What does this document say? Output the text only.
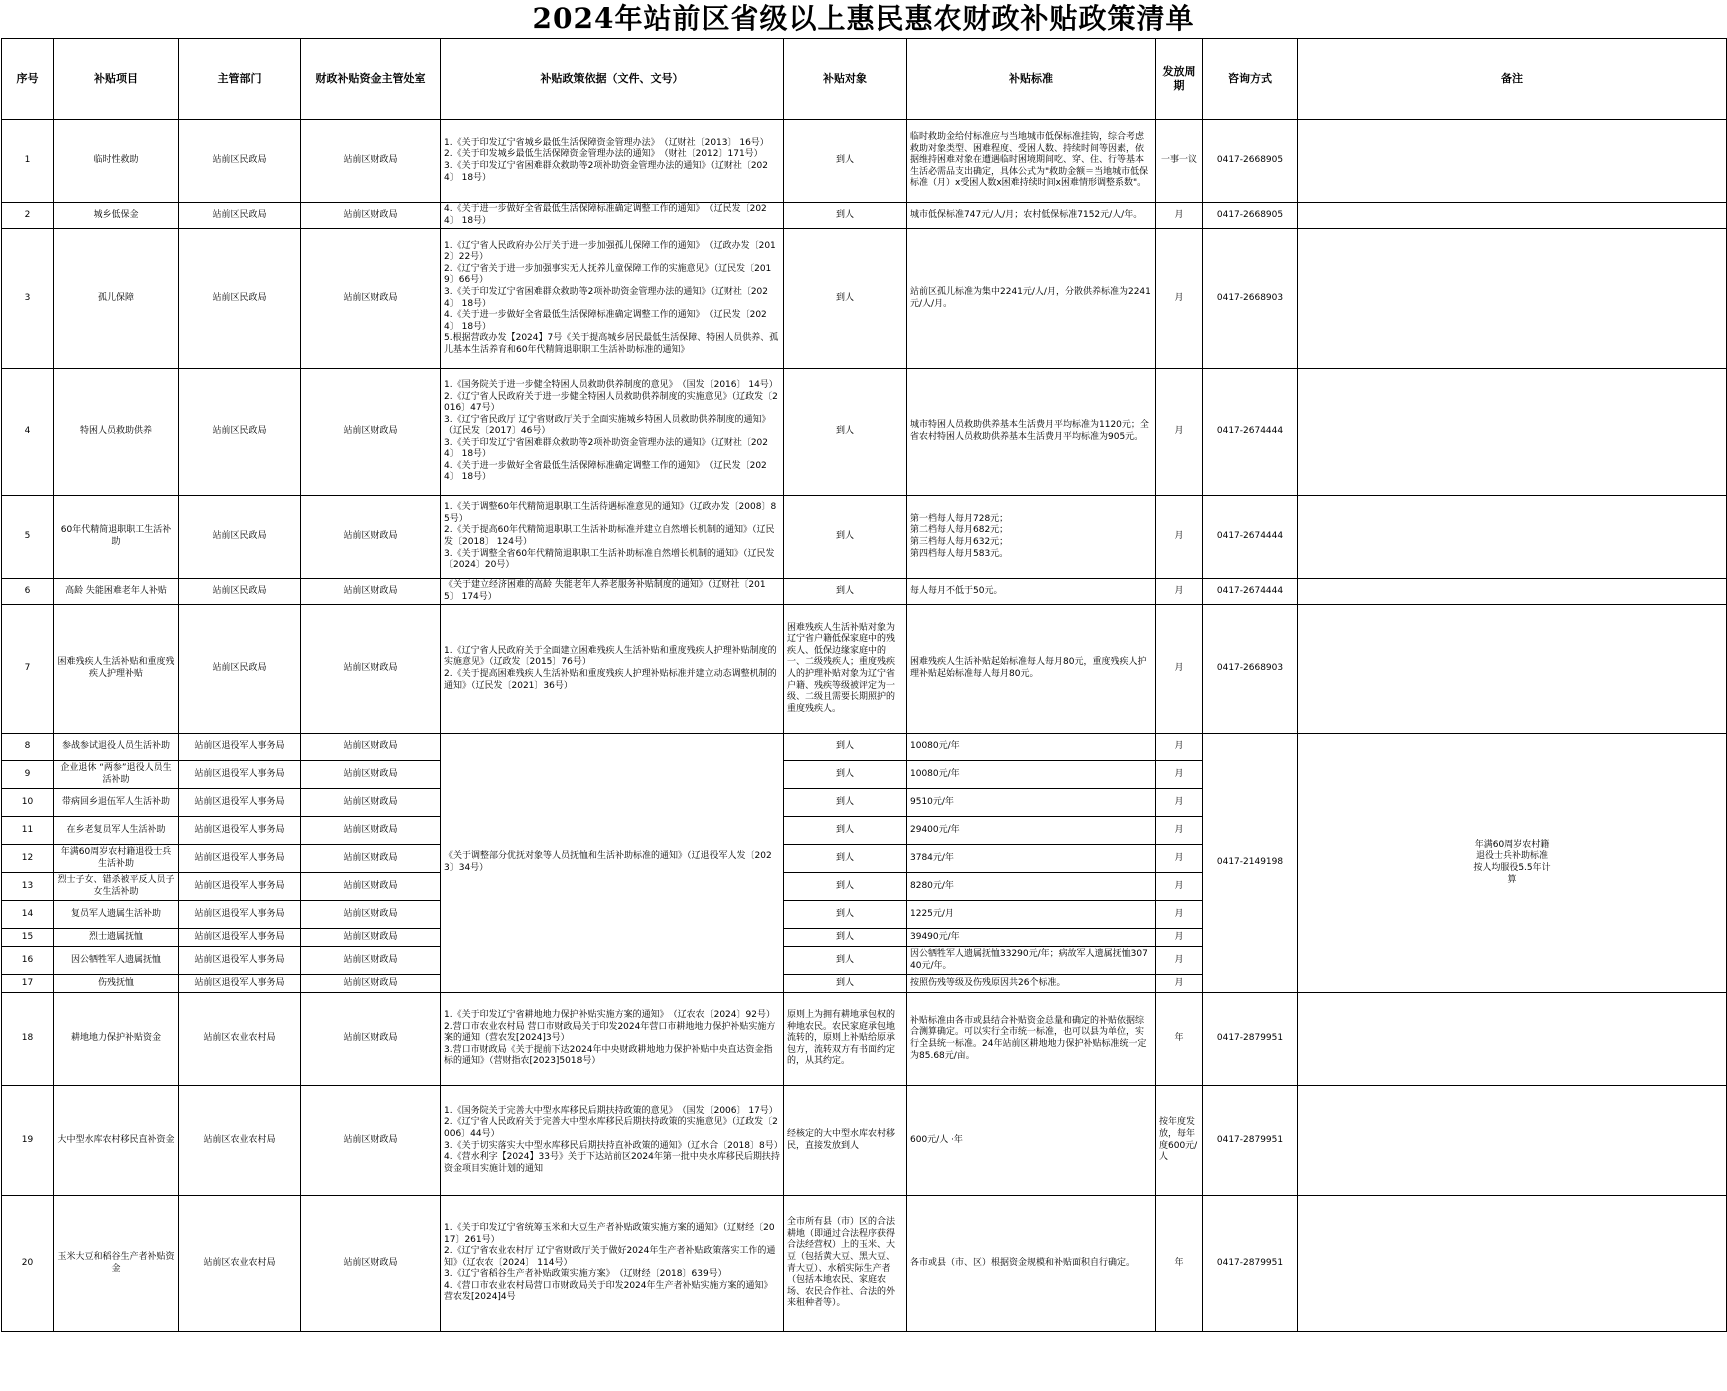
2024年站前区省级以上惠民惠农财政补贴政策清单
序号	补贴项目	主管部门	财政补贴资金主管处室	补贴政策依据（文件、文号）	补贴对象	补贴标准	发放周期	咨询方式	备注
1	临时性救助	站前区民政局	站前区财政局	1.《关于印发辽宁省城乡最低生活保障资金管理办法》　（辽财社〔2013〕 16号）
2.《关于印发城乡最低生活保障资金管理办法的通知》　（财社〔2012〕171号）
3.《关于印发辽宁省困难群众救助等2项补助资金管理办法的通知》（辽财社〔2024〕 18号）	到人	临时救助金给付标准应与当地城市低保标准挂钩，综合考虑救助对象类型、困难程度、受困人数、持续时间等因素，依据维持困难对象在遭遇临时困境期间吃、穿、住、行等基本生活必需品支出确定，具体公式为"救助金额＝当地城市低保标准（月）x受困人数x困难持续时间x困难情形调整系数"。	一事一议	0417-2668905	
2	城乡低保金	站前区民政局	站前区财政局	4.《关于进一步做好全省最低生活保障标准确定调整工作的通知》　（辽民发〔2024〕 18号）	到人	城市低保标准747元/人/月；农村低保标准7152元/人/年。	月	0417-2668905	
3	孤儿保障	站前区民政局	站前区财政局	1.《辽宁省人民政府办公厅关于进一步加强孤儿保障工作的通知》　（辽政办发〔2012〕22号）
2.《辽宁省关于进一步加强事实无人抚养儿童保障工作的实施意见》（辽民发〔2019〕66号）
3.《关于印发辽宁省困难群众救助等2项补助资金管理办法的通知》（辽财社〔2024〕 18号）
4.《关于进一步做好全省最低生活保障标准确定调整工作的通知》　（辽民发〔2024〕 18号）
5.根据营政办发【2024】7号《关于提高城乡居民最低生活保障、特困人员供养、孤儿基本生活养育和60年代精简退职职工生活补助标准的通知》	到人	站前区孤儿标准为集中2241元/人/月，分散供养标准为2241元/人/月。	月	0417-2668903	
4	特困人员救助供养	站前区民政局	站前区财政局	1.《国务院关于进一步健全特困人员救助供养制度的意见》　（国发〔2016〕 14号）
2.《辽宁省人民政府关于进一步健全特困人员救助供养制度的实施意见》（辽政发〔2016〕47号）
3.《辽宁省民政厅 辽宁省财政厅关于全面实施城乡特困人员救助供养制度的通知》（辽民发〔2017〕46号）
3.《关于印发辽宁省困难群众救助等2项补助资金管理办法的通知》（辽财社〔2024〕 18号）
4.《关于进一步做好全省最低生活保障标准确定调整工作的通知》　（辽民发〔2024〕 18号）	到人	城市特困人员救助供养基本生活费月平均标准为1120元；全省农村特困人员救助供养基本生活费月平均标准为905元。	月	0417-2674444	
5	60年代精简退职职工生活补助	站前区民政局	站前区财政局	1.《关于调整60年代精简退职职工生活待遇标准意见的通知》（辽政办发〔2008〕85号）
2.《关于提高60年代精简退职职工生活补助标准并建立自然增长机制的通知》（辽民发〔2018〕 124号）
3.《关于调整全省60年代精简退职职工生活补助标准自然增长机制的通知》（辽民发〔2024〕20号）	到人	第一档每人每月728元；
第二档每人每月682元；
第三档每人每月632元；
第四档每人每月583元。	月	0417-2674444	
6	高龄 失能困难老年人补贴	站前区民政局	站前区财政局	《关于建立经济困难的高龄 失能老年人养老服务补贴制度的通知》（辽财社〔2015〕 174号）	到人	每人每月不低于50元。	月	0417-2674444	
7	困难残疾人生活补贴和重度残疾人护理补贴	站前区民政局	站前区财政局	1.《辽宁省人民政府关于全面建立困难残疾人生活补贴和重度残疾人护理补贴制度的实施意见》（辽政发〔2015〕76号）
2.《关于提高困难残疾人生活补贴和重度残疾人护理补贴标准并建立动态调整机制的通知》（辽民发〔2021〕36号）	困难残疾人生活补贴对象为辽宁省户籍低保家庭中的残疾人、低保边缘家庭中的一、二级残疾人；重度残疾人的护理补贴对象为辽宁省户籍、残疾等级被评定为一级、二级且需要长期照护的重度残疾人。	困难残疾人生活补贴起始标准每人每月80元，重度残疾人护理补贴起始标准每人每月80元。	月	0417-2668903	
8	参战参试退役人员生活补助	站前区退役军人事务局	站前区财政局	《关于调整部分优抚对象等人员抚恤和生活补助标准的通知》（辽退役军人发〔2023〕34号）	到人	10080元/年	月	0417-2149198	年满60周岁农村籍退役士兵补助标准按人均服役5.5年计算
9	企业退休 “两参”退役人员生活补助	站前区退役军人事务局	站前区财政局		到人	10080元/年	月		
10	带病回乡退伍军人生活补助	站前区退役军人事务局	站前区财政局		到人	9510元/年	月		
11	在乡老复员军人生活补助	站前区退役军人事务局	站前区财政局		到人	29400元/年	月		
12	年满60周岁农村籍退役士兵生活补助	站前区退役军人事务局	站前区财政局		到人	3784元/年	月		
13	烈士子女、错杀被平反人员子女生活补助	站前区退役军人事务局	站前区财政局		到人	8280元/年	月		
14	复员军人遗属生活补助	站前区退役军人事务局	站前区财政局		到人	1225元/月	月		
15	烈士遗属抚恤	站前区退役军人事务局	站前区财政局		到人	39490元/年	月		
16	因公牺牲军人遗属抚恤	站前区退役军人事务局	站前区财政局		到人	因公牺牲军人遗属抚恤33290元/年；病故军人遗属抚恤30740元/年。	月		
17	伤残抚恤	站前区退役军人事务局	站前区财政局		到人	按照伤残等级及伤残原因共26个标准。	月		
18	耕地地力保护补贴资金	站前区农业农村局	站前区财政局	1.《关于印发辽宁省耕地地力保护补贴实施方案的通知》　（辽农农〔2024〕92号）
2.营口市农业农村局 营口市财政局关于印发2024年营口市耕地地力保护补贴实施方案的通知（营农发[2024]3号）
3.营口市财政局《关于提前下达2024年中央财政耕地地力保护补贴中央直达资金指标的通知》（营财指农[2023]5018号）	原则上为拥有耕地承包权的种地农民。农民家庭承包地流转的，原则上补贴给原承包方，流转双方有书面约定的，从其约定。	补贴标准由各市或县结合补贴资金总量和确定的补贴依据综合测算确定。可以实行全市统一标准，也可以县为单位，实行全县统一标准。24年站前区耕地地力保护补贴标准统一定为85.68元/亩。	年	0417-2879951	
19	大中型水库农村移民直补资金	站前区农业农村局	站前区财政局	1.《国务院关于完善大中型水库移民后期扶持政策的意见》　（国发〔2006〕 17号）
2.《辽宁省人民政府关于完善大中型水库移民后期扶持政策的实施意见》（辽政发〔2006〕44号）
3.《关于切实落实大中型水库移民后期扶持直补政策的通知》（辽水合〔2018〕8号）
4.《营水利字【2024】33号》关于下达站前区2024年第一批中央水库移民后期扶持资金项目实施计划的通知	经核定的大中型水库农村移民，直接发放到人	600元/人 ·年	按年度发放，每年度600元/人	0417-2879951	
20	玉米大豆和稻谷生产者补贴资金	站前区农业农村局	站前区财政局	1.《关于印发辽宁省统筹玉米和大豆生产者补贴政策实施方案的通知》（辽财经〔2017〕261号）
2.《辽宁省农业农村厅 辽宁省财政厅关于做好2024年生产者补贴政策落实工作的通知》（辽农农〔2024〕 114号）
3.《辽宁省稻谷生产者补贴政策实施方案》　（辽财经〔2018〕639号）
4.《营口市农业农村局营口市财政局关于印发2024年生产者补贴实施方案的通知》营农发[2024]4号	全市所有县（市）区的合法耕地（即通过合法程序获得合法经营权）上的玉米、大豆（包括黄大豆、黑大豆、青大豆）、水稻实际生产者（包括本地农民、家庭农场、农民合作社、合法的外来租种者等）。	各市或县（市、区）根据资金规模和补贴面积自行确定。	年	0417-2879951	
